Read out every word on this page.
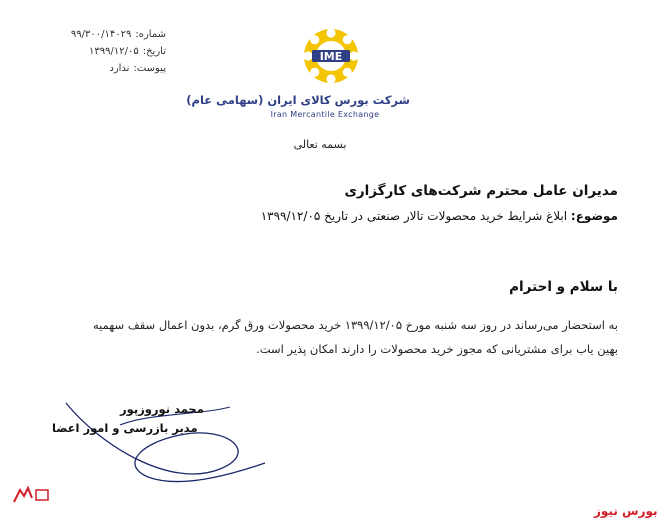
شماره:
۹۹/۳۰۰/۱۴۰۲۹
تاریخ:
۱۳۹۹/۱۲/۰۵
پیوست:
ندارد
IME
شرکت بورس کالای ایران (سهامی عام)
Iran Mercantile Exchange
بسمه تعالی
مدیران عامل محترم شرکت‌های کارگزاری
موضوع: ابلاغ شرایط خرید محصولات تالار صنعتی در تاریخ ۱۳۹۹/۱۲/۰۵
با سلام و احترام
به استحضار می‌رساند در روز سه شنبه مورخ ۱۳۹۹/۱۲/۰۵ خرید محصولات ورق گرم، بدون اعمال سقف سهمیه
بهین یاب برای مشتریانی که مجوز خرید محصولات را دارند امکان پذیر است.
محمد نوروزپور
مدیر بازرسی و امور اعضا
بورس نیوز
